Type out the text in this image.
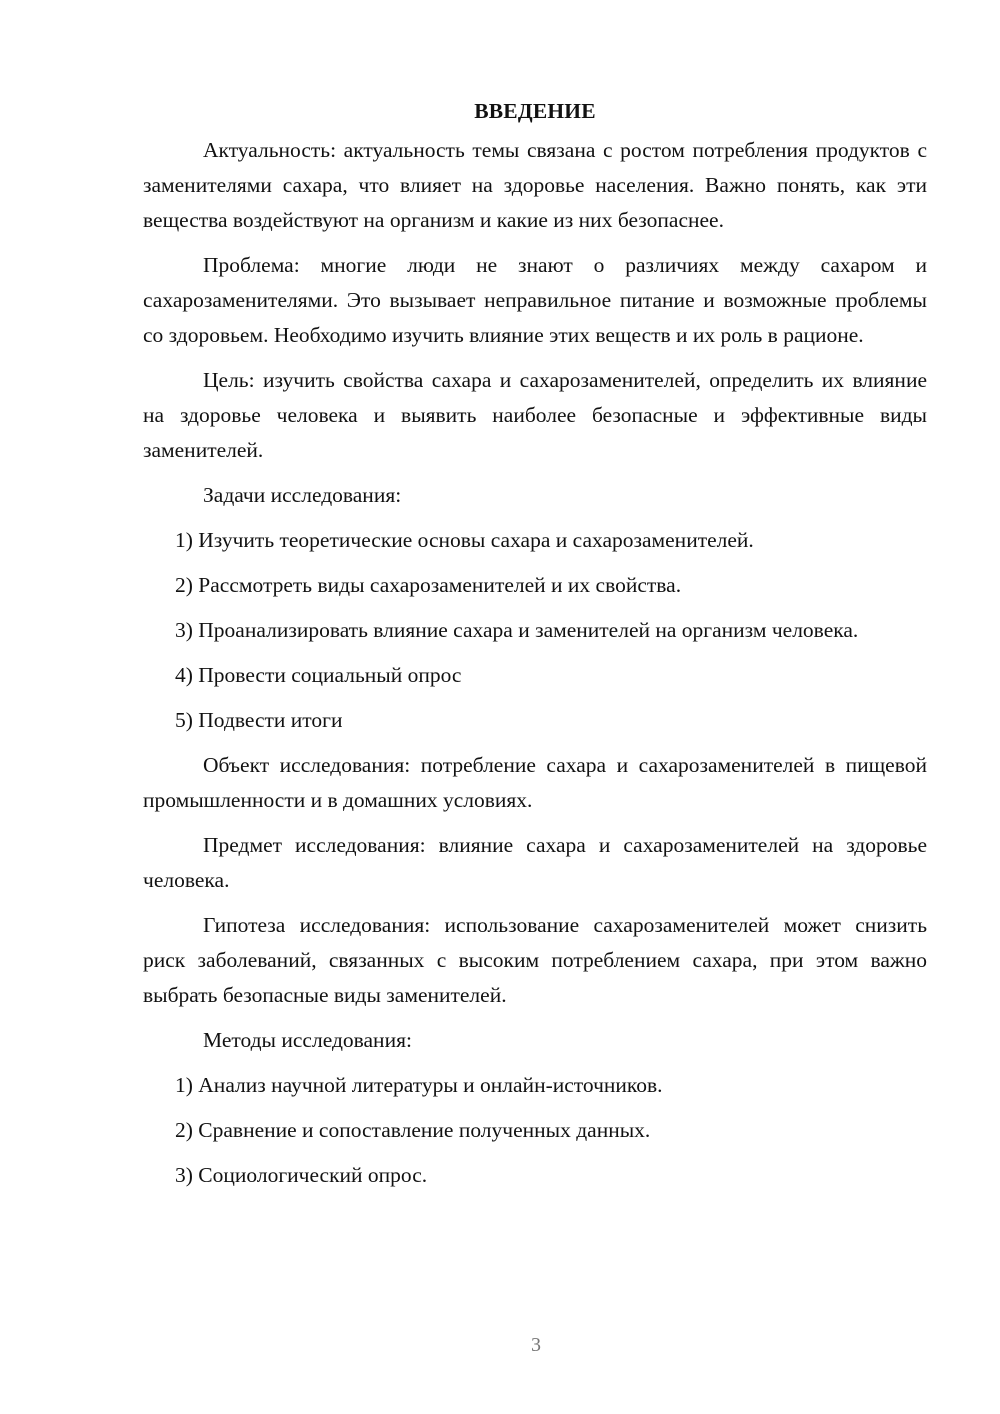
ВВЕДЕНИЕ

Актуальность: актуальность темы связана с ростом потребления продуктов с заменителями сахара, что влияет на здоровье населения. Важно понять, как эти вещества воздействуют на организм и какие из них безопаснее.

Проблема: многие люди не знают о различиях между сахаром и сахарозаменителями. Это вызывает неправильное питание и возможные проблемы со здоровьем. Необходимо изучить влияние этих веществ и их роль в рационе.

Цель: изучить свойства сахара и сахарозаменителей, определить их влияние на здоровье человека и выявить наиболее безопасные и эффективные виды заменителей.

Задачи исследования:

1) Изучить теоретические основы сахара и сахарозаменителей.

2) Рассмотреть виды сахарозаменителей и их свойства.

3) Проанализировать влияние сахара и заменителей на организм человека.

4) Провести социальный опрос

5) Подвести итоги

Объект исследования: потребление сахара и сахарозаменителей в пищевой промышленности и в домашних условиях.

Предмет исследования: влияние сахара и сахарозаменителей на здоровье человека.

Гипотеза исследования: использование сахарозаменителей может снизить риск заболеваний, связанных с высоким потреблением сахара, при этом важно выбрать безопасные виды заменителей.

Методы исследования:

1) Анализ научной литературы и онлайн-источников.

2) Сравнение и сопоставление полученных данных.

3) Социологический опрос.

3
